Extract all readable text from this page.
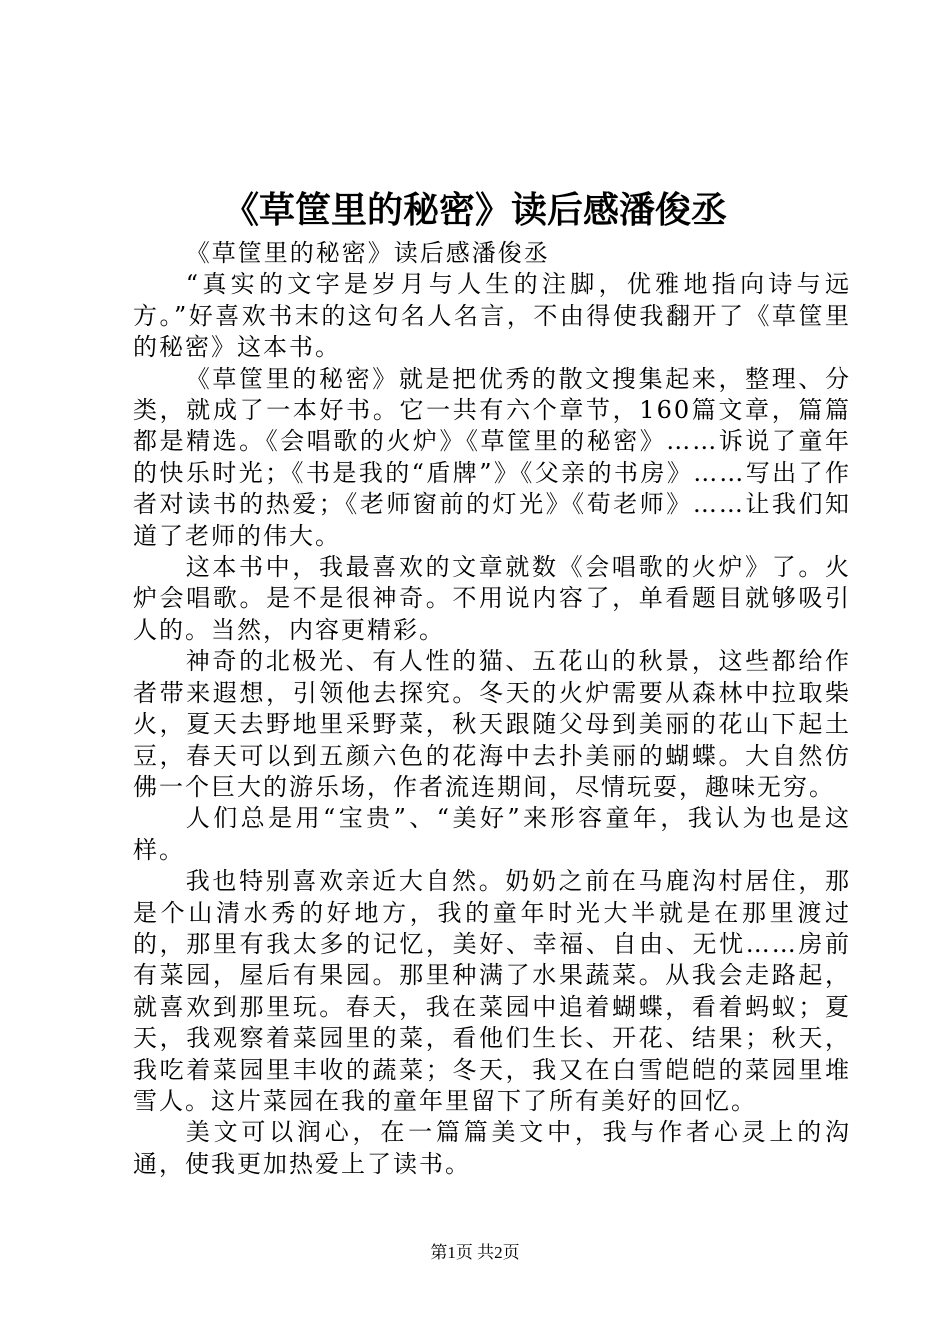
《草筐里的秘密》读后感潘俊丞

《草筐里的秘密》读后感潘俊丞

“真实的文字是岁月与人生的注脚，优雅地指向诗与远方。”好喜欢书末的这句名人名言，不由得使我翻开了《草筐里的秘密》这本书。

《草筐里的秘密》就是把优秀的散文搜集起来，整理、分类，就成了一本好书。它一共有六个章节，160篇文章，篇篇都是精选。《会唱歌的火炉》《草筐里的秘密》……诉说了童年的快乐时光；《书是我的“盾牌”》《父亲的书房》……写出了作者对读书的热爱；《老师窗前的灯光》《荀老师》……让我们知道了老师的伟大。

这本书中，我最喜欢的文章就数《会唱歌的火炉》了。火炉会唱歌。是不是很神奇。不用说内容了，单看题目就够吸引人的。当然，内容更精彩。

神奇的北极光、有人性的猫、五花山的秋景，这些都给作者带来遐想，引领他去探究。冬天的火炉需要从森林中拉取柴火，夏天去野地里采野菜，秋天跟随父母到美丽的花山下起土豆，春天可以到五颜六色的花海中去扑美丽的蝴蝶。大自然仿佛一个巨大的游乐场，作者流连期间，尽情玩耍，趣味无穷。

人们总是用“宝贵”、“美好”来形容童年，我认为也是这样。

我也特别喜欢亲近大自然。奶奶之前在马鹿沟村居住，那是个山清水秀的好地方，我的童年时光大半就是在那里渡过的，那里有我太多的记忆，美好、幸福、自由、无忧……房前有菜园，屋后有果园。那里种满了水果蔬菜。从我会走路起，就喜欢到那里玩。春天，我在菜园中追着蝴蝶，看着蚂蚁；夏天，我观察着菜园里的菜，看他们生长、开花、结果；秋天，我吃着菜园里丰收的蔬菜；冬天，我又在白雪皑皑的菜园里堆雪人。这片菜园在我的童年里留下了所有美好的回忆。

美文可以润心，在一篇篇美文中，我与作者心灵上的沟通，使我更加热爱上了读书。

第1页 共2页
